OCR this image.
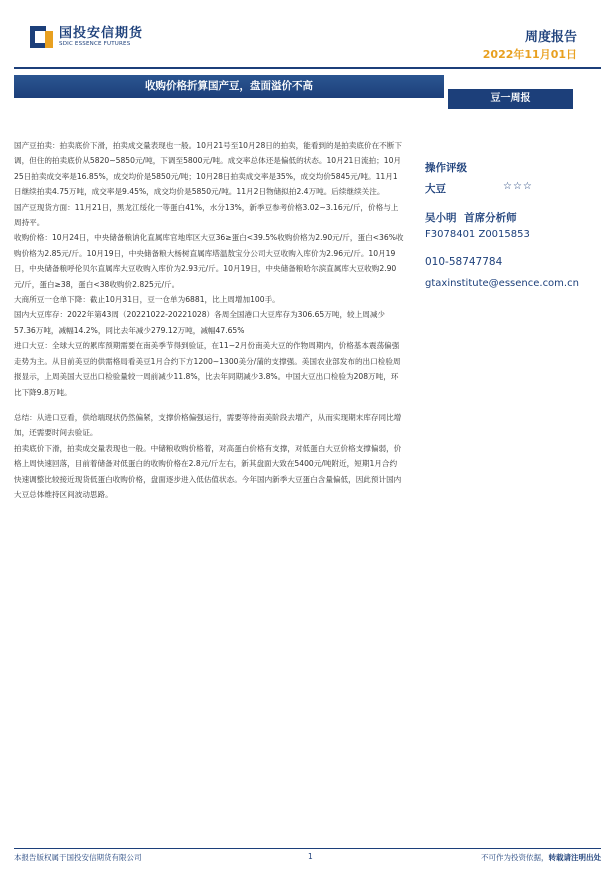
国投安信期货
SDIC ESSENCE FUTURES	周度报告
2022年11月01日
收购价格折算国产豆，盘面溢价不高
豆一周报

国产豆拍卖：拍卖底价下滑，拍卖成交量表现也一般。10月21号至10月28日的拍卖，能看到的是拍卖底价在不断下调，但住的拍卖底价从5820~5850元/吨，下调至5800元/吨。成交率总体还是偏低的状态。10月21日流拍；10月25日拍卖成交率是16.85%，成交均价是5850元/吨；10月28日拍卖成交率是35%，成交均价5845元/吨。11月1日继续拍卖4.75万吨，成交率是9.45%，成交均价是5850元/吨。11月2日物储拟拍2.4万吨。后续继续关注。

国产豆现货方面：11月21日，黑龙江绥化一等蛋白41%，水分13%，新季豆参考价格3.02~3.16元/斤，价格与上周持平。

收购价格：10月24日，中央储备粮讷化直属库官地库区大豆36≥蛋白<39.5%收购价格为2.90元/斤，蛋白<36%收购价格为2.85元/斤。10月19日，中央储备粮大杨树直属库塔温敖宝分公司大豆收购入库价为2.96元/斤。10月19日，中央储备粮呼伦贝尔直属库大豆收购入库价为2.93元/斤。10月19日，中央储备粮哈尔滨直属库大豆收购2.90元/斤，蛋白≥38，蛋白<38收购价2.825元/斤。

大商所豆一仓单下降：截止10月31日，豆一仓单为6881，比上周增加100手。

国内大豆库存：2022年第43周（20221022-20221028）各周全国港口大豆库存为306.65万吨，较上周减少57.36万吨，减幅14.2%，同比去年减少279.12万吨，减幅47.65%

进口大豆：全球大豆的累库预期需要在南美季节得到验证，在11~2月份南美大豆的作物周期内，价格基本震荡偏强走势为主。从目前美豆的供需格局看美豆1月合约下方1200~1300美分/蒲的支撑强。美国农业部发布的出口检验周报显示，上周美国大豆出口检验量较一周前减少11.8%，比去年同期减少3.8%。中国大豆出口检验为208万吨，环比下降9.8万吨。

总结：从进口豆看，供给端现状仍然偏紧，支撑价格偏强运行，需要等待南美阶段去增产，从而实现期末库存同比增加，还需要时间去验证。

拍卖底价下滑，拍卖成交量表现也一般。中储粮收购价格着，对高蛋白价格有支撑，对低蛋白大豆价格支撑偏弱，价格上周快速回落，目前着储备对低蛋白的收购价格在2.8元/斤左右，新其盘面大致在5400元/吨附近，短期1月合约快速调整比较接近现货低蛋白收购价格，盘面逐步进入低估值状态。今年国内新季大豆蛋白含量偏低，因此预计国内大豆总体维持区间波动思路。

操作评级
大豆	☆☆☆
吴小明 首席分析师
F3078401 Z0015853
010-58747784
gtaxinstitute@essence.com.cn
本报告版权属于国投安信期货有限公司	1	不可作为投资依据，转载请注明出处
